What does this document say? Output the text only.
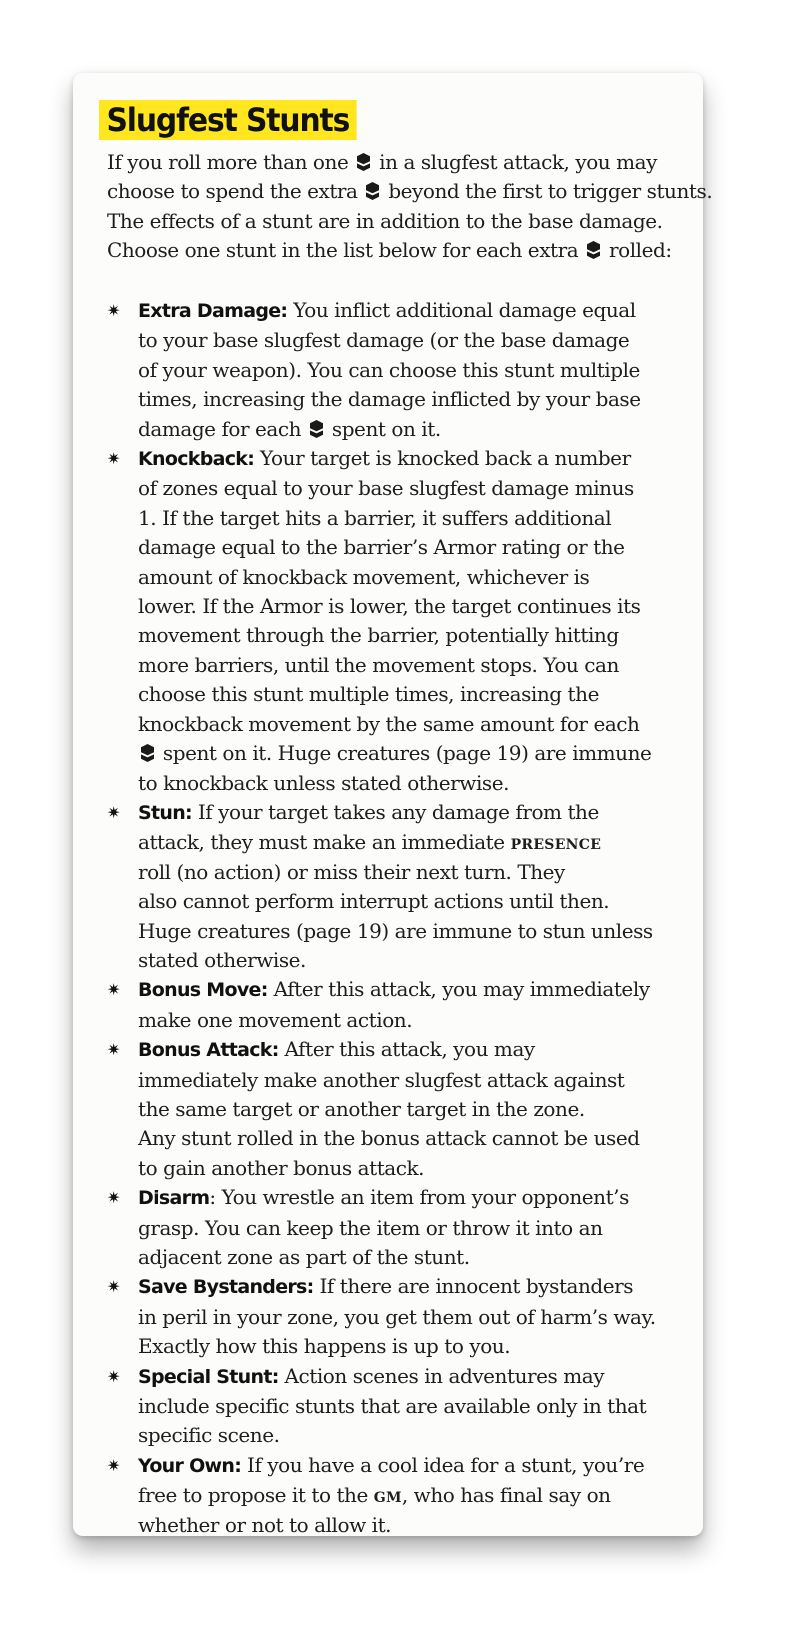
Slugfest Stunts
If you roll more than one  in a slugfest attack, you may
choose to spend the extra  beyond the first to trigger stunts.
The effects of a stunt are in addition to the base damage.
Choose one stunt in the list below for each extra  rolled:
✷ Extra Damage: You inflict additional damage equal
to your base slugfest damage (or the base damage
of your weapon). You can choose this stunt multiple
times, increasing the damage inflicted by your base
damage for each  spent on it.
✷ Knockback: Your target is knocked back a number
of zones equal to your base slugfest damage minus
1. If the target hits a barrier, it suffers additional
damage equal to the barrier’s Armor rating or the
amount of knockback movement, whichever is
lower. If the Armor is lower, the target continues its
movement through the barrier, potentially hitting
more barriers, until the movement stops. You can
choose this stunt multiple times, increasing the
knockback movement by the same amount for each
spent on it. Huge creatures (page 19) are immune
to knockback unless stated otherwise.
✷ Stun: If your target takes any damage from the
attack, they must make an immediate presence
roll (no action) or miss their next turn. They
also cannot perform interrupt actions until then.
Huge creatures (page 19) are immune to stun unless
stated otherwise.
✷ Bonus Move: After this attack, you may immediately
make one movement action.
✷ Bonus Attack: After this attack, you may
immediately make another slugfest attack against
the same target or another target in the zone.
Any stunt rolled in the bonus attack cannot be used
to gain another bonus attack.
✷ Disarm: You wrestle an item from your opponent’s
grasp. You can keep the item or throw it into an
adjacent zone as part of the stunt.
✷ Save Bystanders: If there are innocent bystanders
in peril in your zone, you get them out of harm’s way.
Exactly how this happens is up to you.
✷ Special Stunt: Action scenes in adventures may
include specific stunts that are available only in that
specific scene.
✷ Your Own: If you have a cool idea for a stunt, you’re
free to propose it to the gm, who has final say on
whether or not to allow it.
